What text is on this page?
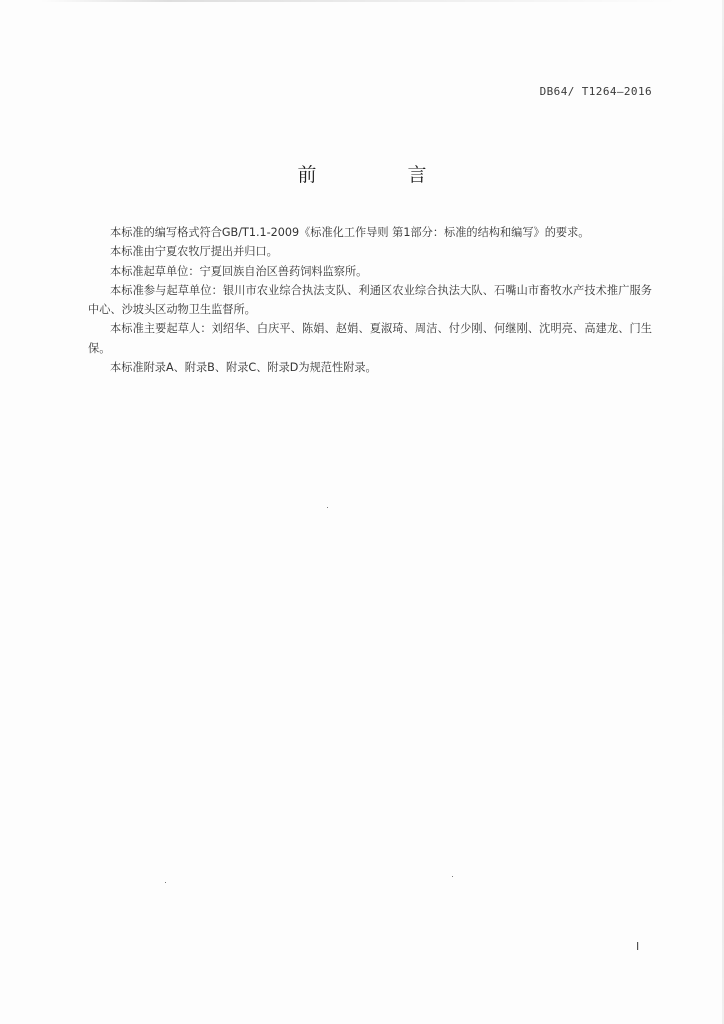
DB64/ T1264—2016
前　言

本标准的编写格式符合GB/T1.1-2009《标准化工作导则 第1部分：标准的结构和编写》的要求。

本标准由宁夏农牧厅提出并归口。

本标准起草单位：宁夏回族自治区兽药饲料监察所。

本标准参与起草单位：银川市农业综合执法支队、利通区农业综合执法大队、石嘴山市畜牧水产技术推广服务中心、沙坡头区动物卫生监督所。

本标准主要起草人：刘绍华、白庆平、陈娟、赵娟、夏淑琦、周洁、付少刚、何继刚、沈明亮、高建龙、门生保。

本标准附录A、附录B、附录C、附录D为规范性附录。

I
